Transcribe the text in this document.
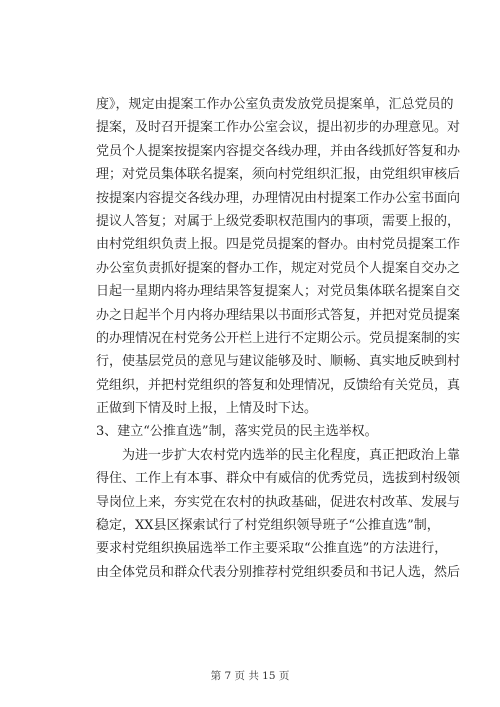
度》，规定由提案工作办公室负责发放党员提案单，汇总党员的
提案，及时召开提案工作办公室会议，提出初步的办理意见。对
党员个人提案按提案内容提交各线办理，并由各线抓好答复和办
理；对党员集体联名提案，须向村党组织汇报，由党组织审核后
按提案内容提交各线办理，办理情况由村提案工作办公室书面向
提议人答复；对属于上级党委职权范围内的事项，需要上报的，
由村党组织负责上报。四是党员提案的督办。由村党员提案工作
办公室负责抓好提案的督办工作，规定对党员个人提案自交办之
日起一星期内将办理结果答复提案人；对党员集体联名提案自交
办之日起半个月内将办理结果以书面形式答复，并把对党员提案
的办理情况在村党务公开栏上进行不定期公示。党员提案制的实
行，使基层党员的意见与建议能够及时、顺畅、真实地反映到村
党组织，并把村党组织的答复和处理情况，反馈给有关党员，真
正做到下情及时上报，上情及时下达。
3、建立“公推直选”制，落实党员的民主选举权。
为进一步扩大农村党内选举的民主化程度，真正把政治上靠
得住、工作上有本事、群众中有威信的优秀党员，选拔到村级领
导岗位上来，夯实党在农村的执政基础，促进农村改革、发展与
稳定，XX县区探索试行了村党组织领导班子“公推直选”制，
要求村党组织换届选举工作主要采取“公推直选”的方法进行，
由全体党员和群众代表分别推荐村党组织委员和书记人选，然后
第 7 页 共 15 页
